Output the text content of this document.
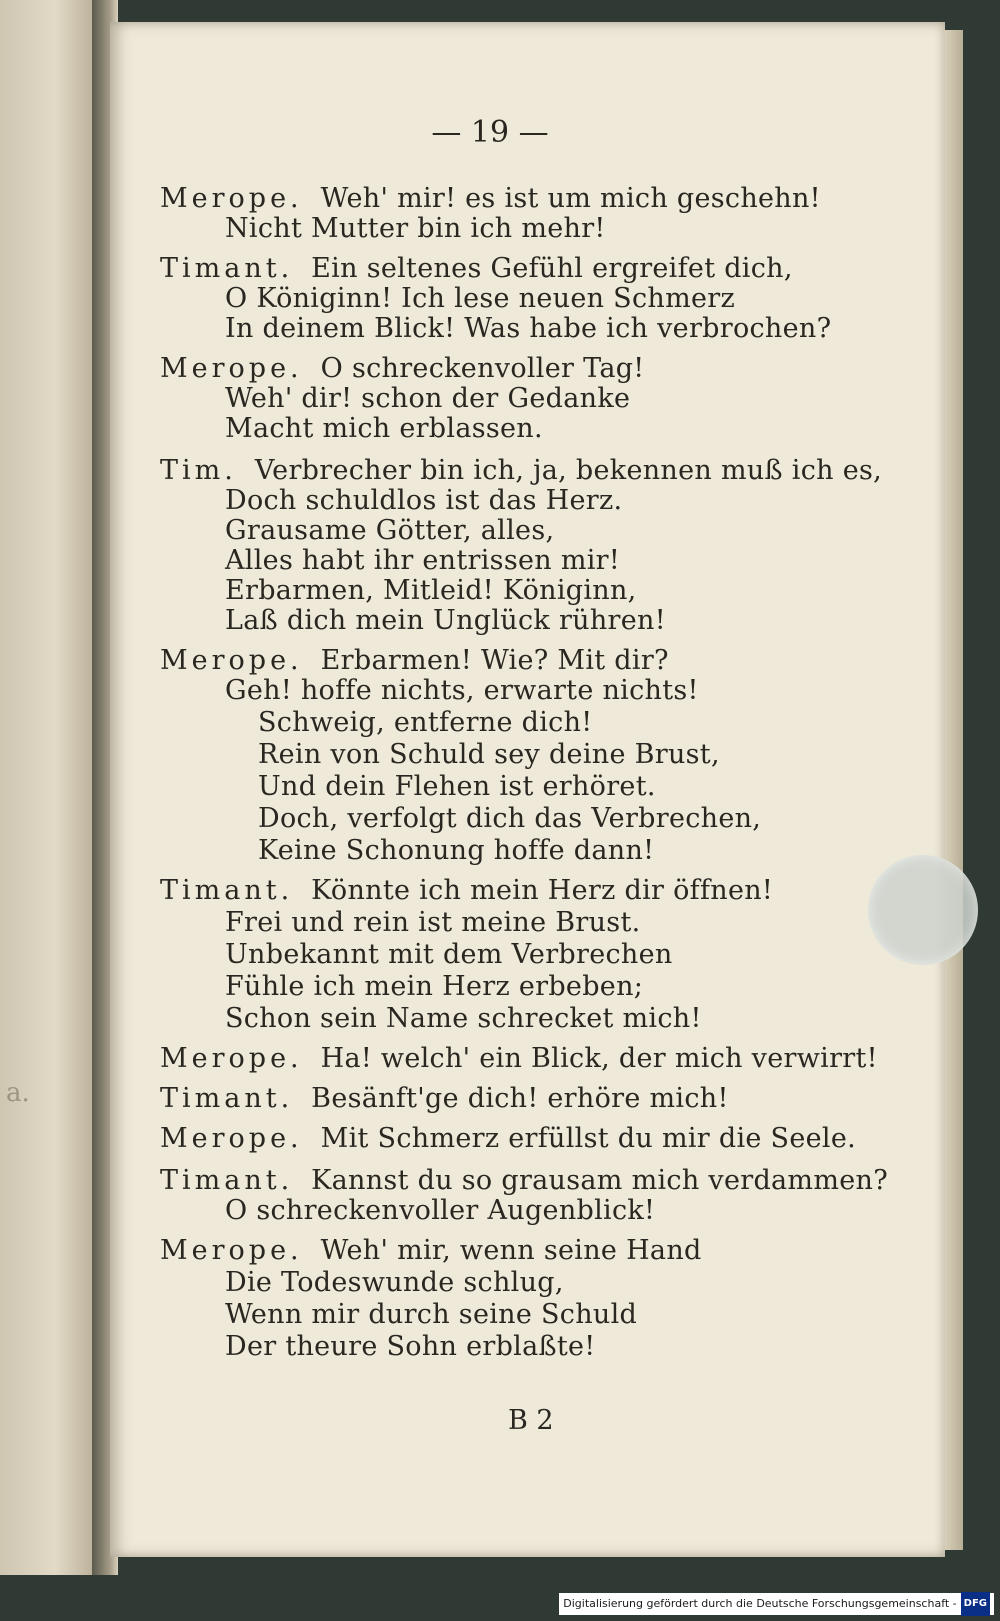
a.
— 19 —
Merope. Weh' mir! es ist um mich geschehn!
Nicht Mutter bin ich mehr!
Timant. Ein seltenes Gefühl ergreifet dich,
O Königinn! Ich lese neuen Schmerz
In deinem Blick! Was habe ich verbrochen?
Merope. O schreckenvoller Tag!
Weh' dir! schon der Gedanke
Macht mich erblassen.
Tim. Verbrecher bin ich, ja, bekennen muß ich es,
Doch schuldlos ist das Herz.
Grausame Götter, alles,
Alles habt ihr entrissen mir!
Erbarmen, Mitleid! Königinn,
Laß dich mein Unglück rühren!
Merope. Erbarmen! Wie? Mit dir?
Geh! hoffe nichts, erwarte nichts!
Schweig, entferne dich!
Rein von Schuld sey deine Brust,
Und dein Flehen ist erhöret.
Doch, verfolgt dich das Verbrechen,
Keine Schonung hoffe dann!
Timant. Könnte ich mein Herz dir öffnen!
Frei und rein ist meine Brust.
Unbekannt mit dem Verbrechen
Fühle ich mein Herz erbeben;
Schon sein Name schrecket mich!
Merope. Ha! welch' ein Blick, der mich verwirrt!
Timant. Besänft'ge dich! erhöre mich!
Merope. Mit Schmerz erfüllst du mir die Seele.
Timant. Kannst du so grausam mich verdammen?
O schreckenvoller Augenblick!
Merope. Weh' mir, wenn seine Hand
Die Todeswunde schlug,
Wenn mir durch seine Schuld
Der theure Sohn erblaßte!
B 2
Digitalisierung gefördert durch die Deutsche Forschungsgemeinschaft - DFG
